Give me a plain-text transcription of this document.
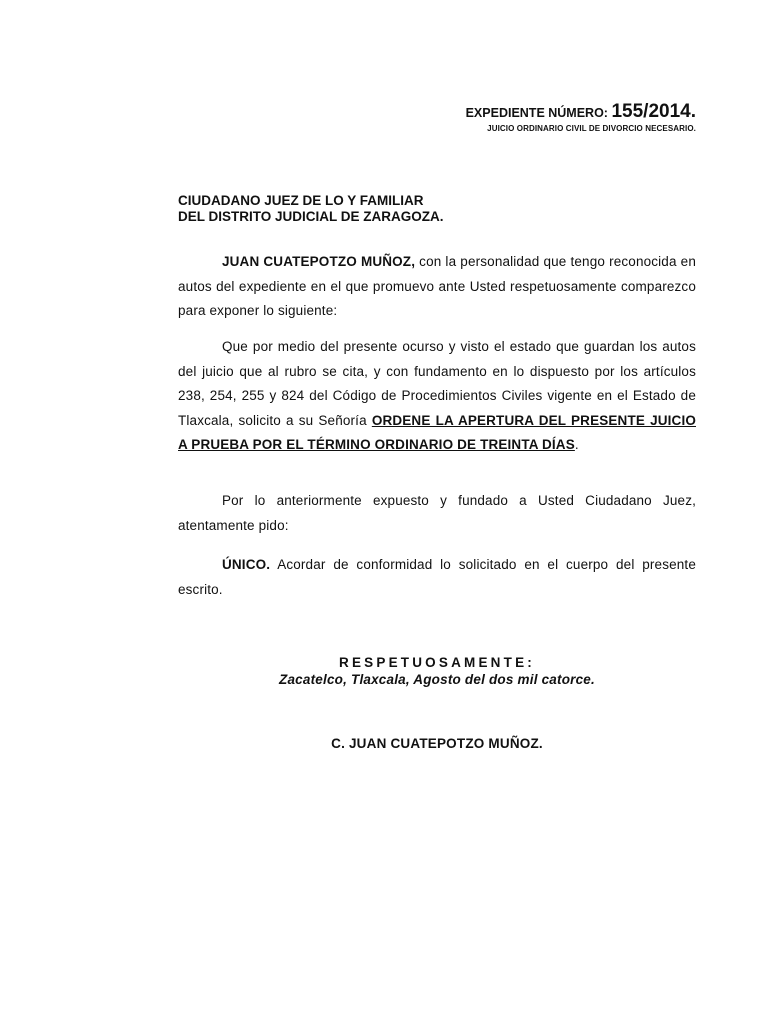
EXPEDIENTE NÚMERO: 155/2014.
JUICIO ORDINARIO CIVIL DE DIVORCIO NECESARIO.
CIUDADANO JUEZ DE LO Y FAMILIAR
DEL DISTRITO JUDICIAL DE ZARAGOZA.
JUAN CUATEPOTZO MUÑOZ, con la personalidad que tengo reconocida en autos del expediente en el que promuevo ante Usted respetuosamente comparezco para exponer lo siguiente:
Que por medio del presente ocurso y visto el estado que guardan los autos del juicio que al rubro se cita, y con fundamento en lo dispuesto por los artículos 238, 254, 255 y 824 del Código de Procedimientos Civiles vigente en el Estado de Tlaxcala, solicito a su Señoría ORDENE LA APERTURA DEL PRESENTE JUICIO A PRUEBA POR EL TÉRMINO ORDINARIO DE TREINTA DÍAS.
Por lo anteriormente expuesto y fundado a Usted Ciudadano Juez, atentamente pido:
ÚNICO. Acordar de conformidad lo solicitado en el cuerpo del presente escrito.
RESPETUOSAMENTE:
Zacatelco, Tlaxcala, Agosto del dos mil catorce.
C. JUAN CUATEPOTZO MUÑOZ.
